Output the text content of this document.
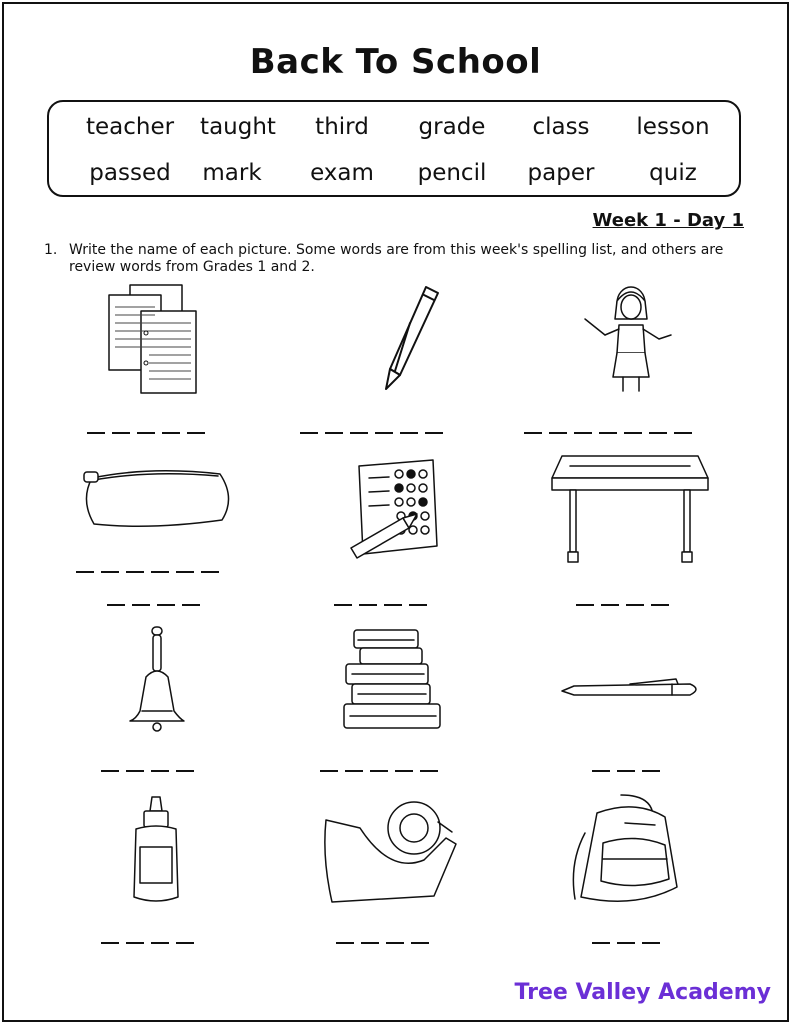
Back To School
teacher	taught	third	grade	class	lesson
passed	mark	exam	pencil	paper	quiz
Week 1 - Day 1
1. Write the name of each picture. Some words are from this week's spelling list, and others are review words from Grades 1 and 2.
Tree Valley Academy
